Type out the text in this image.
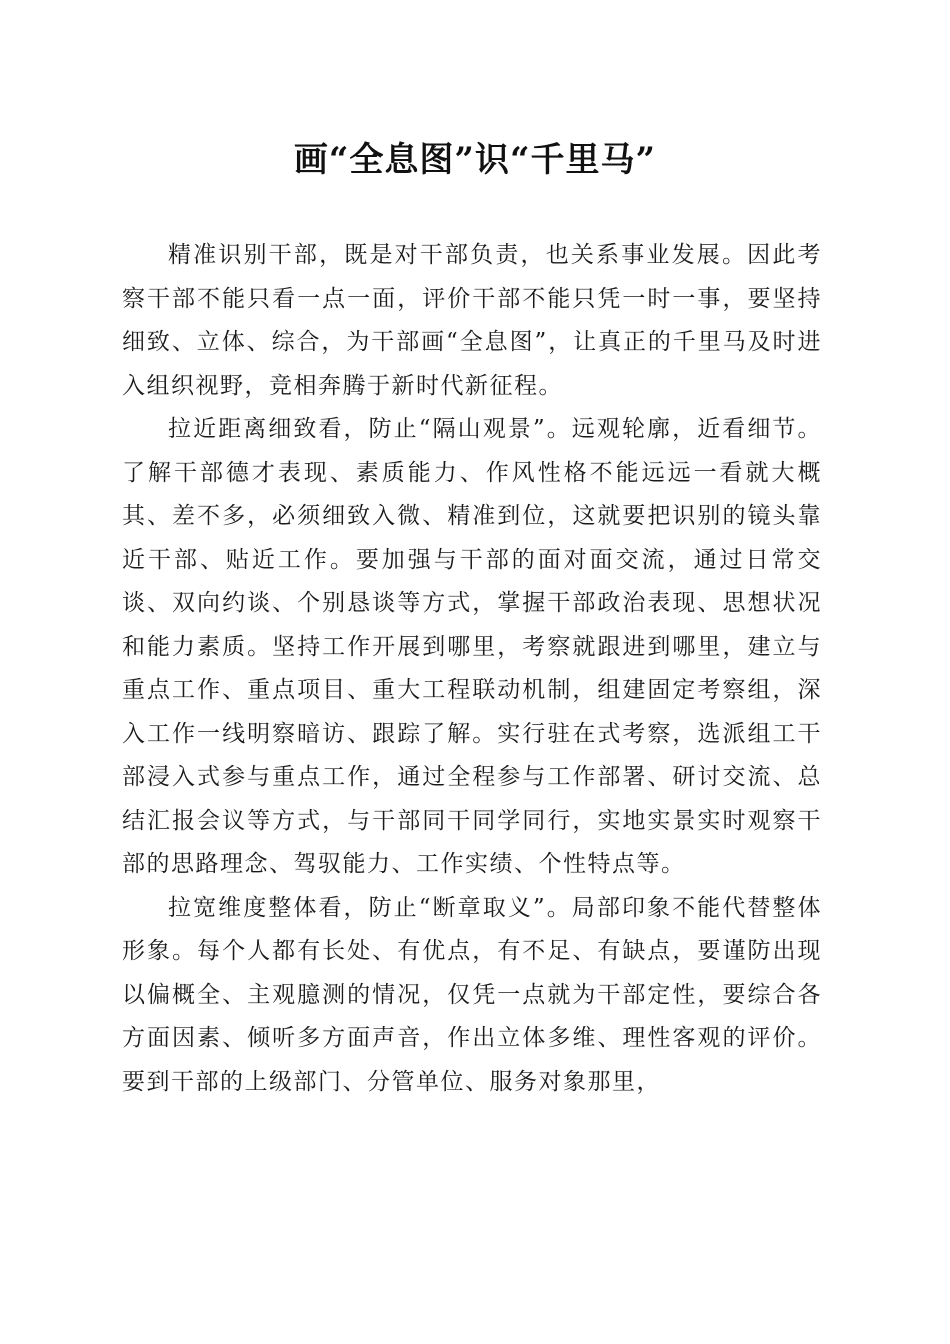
画“全息图”识“千里马”

精准识别干部，既是对干部负责，也关系事业发展。因此考察干部不能只看一点一面，评价干部不能只凭一时一事，要坚持细致、立体、综合，为干部画“全息图”，让真正的千里马及时进入组织视野，竞相奔腾于新时代新征程。

拉近距离细致看，防止“隔山观景”。远观轮廓，近看细节。了解干部德才表现、素质能力、作风性格不能远远一看就大概其、差不多，必须细致入微、精准到位，这就要把识别的镜头靠近干部、贴近工作。要加强与干部的面对面交流，通过日常交谈、双向约谈、个别恳谈等方式，掌握干部政治表现、思想状况和能力素质。坚持工作开展到哪里，考察就跟进到哪里，建立与重点工作、重点项目、重大工程联动机制，组建固定考察组，深入工作一线明察暗访、跟踪了解。实行驻在式考察，选派组工干部浸入式参与重点工作，通过全程参与工作部署、研讨交流、总结汇报会议等方式，与干部同干同学同行，实地实景实时观察干部的思路理念、驾驭能力、工作实绩、个性特点等。

拉宽维度整体看，防止“断章取义”。局部印象不能代替整体形象。每个人都有长处、有优点，有不足、有缺点，要谨防出现以偏概全、主观臆测的情况，仅凭一点就为干部定性，要综合各方面因素、倾听多方面声音，作出立体多维、理性客观的评价。要到干部的上级部门、分管单位、服务对象那里，
